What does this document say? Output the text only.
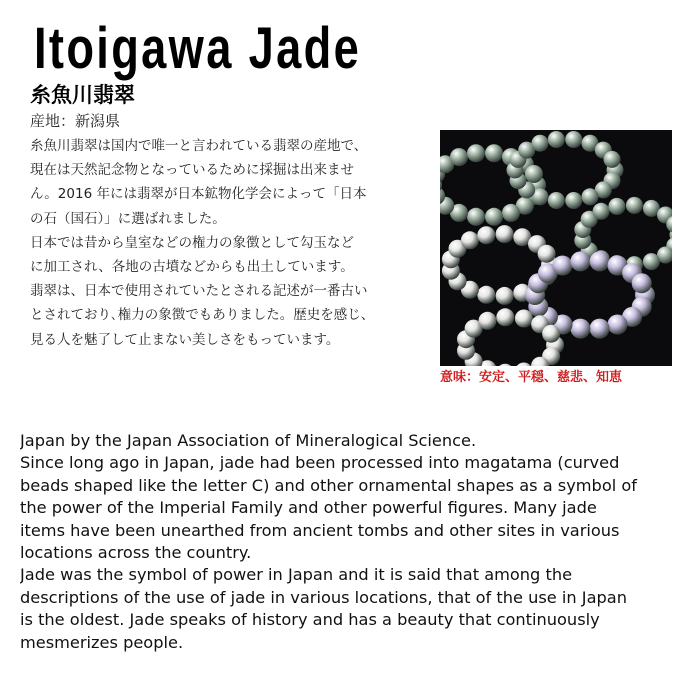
Itoigawa Jade
糸魚川翡翠
産地：新潟県
糸魚川翡翠は国内で唯一と言われている翡翠の産地で、
現在は天然記念物となっているために採掘は出来ませ
ん。2016 年には翡翠が日本鉱物化学会によって「日本
の石（国石）」に選ばれました。
日本では昔から皇室などの権力の象徴として勾玉など
に加工され、各地の古墳などからも出土しています。
翡翠は、日本で使用されていたとされる記述が一番古い
とされており､権力の象徴でもありました。歴史を感じ、
見る人を魅了して止まない美しさをもっています。
意味：安定、平穏、慈悲、知恵
Japan by the Japan Association of Mineralogical Science.
Since long ago in Japan, jade had been processed into magatama (curved
beads shaped like the letter C) and other ornamental shapes as a symbol of
the power of the Imperial Family and other powerful figures. Many jade
items have been unearthed from ancient tombs and other sites in various
locations across the country.
Jade was the symbol of power in Japan and it is said that among the
descriptions of the use of jade in various locations, that of the use in Japan
is the oldest. Jade speaks of history and has a beauty that continuously
mesmerizes people.
